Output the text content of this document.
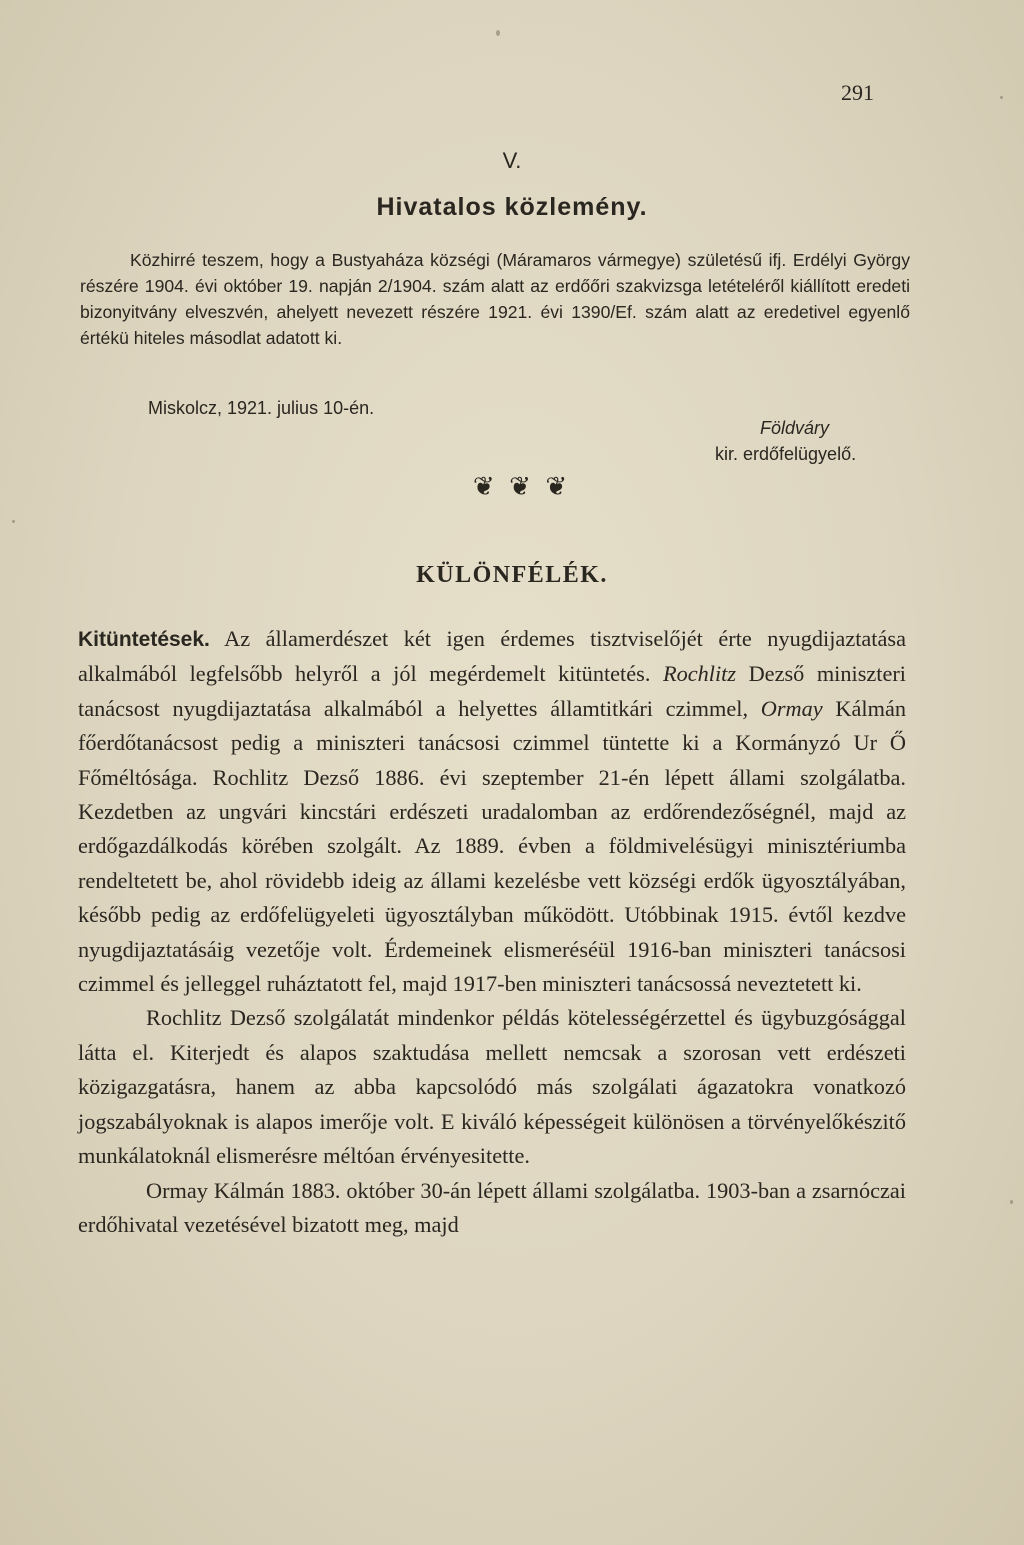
291
V.
Hivatalos közlemény.

Közhirré teszem, hogy a Bustyaháza községi (Máramaros vármegye) születésű ifj. Erdélyi György részére 1904. évi október 19. napján 2/1904. szám alatt az erdőőri szakvizsga letételéről kiállított eredeti bizonyitvány elveszvén, ahelyett nevezett részére 1921. évi 1390/Ef. szám alatt az eredetivel egyenlő értékü hiteles másodlat adatott ki.

Miskolcz, 1921. julius 10-én.
Földváry
kir. erdőfelügyelő.
❦ ❦ ❦
KÜLÖNFÉLÉK.

Kitüntetések. Az államerdészet két igen érdemes tisztviselőjét érte nyugdijaztatása alkalmából legfelsőbb helyről a jól megérdemelt kitüntetés. Rochlitz Dezső miniszteri tanácsost nyugdijaztatása alkalmából a helyettes államtitkári czimmel, Ormay Kálmán főerdőtanácsost pedig a miniszteri tanácsosi czimmel tüntette ki a Kormányzó Ur Ő Főméltósága. Rochlitz Dezső 1886. évi szeptember 21-én lépett állami szolgálatba. Kezdetben az ungvári kincstári erdészeti uradalomban az erdőrendezőségnél, majd az erdőgazdálkodás körében szolgált. Az 1889. évben a földmivelésügyi minisztériumba rendeltetett be, ahol rövidebb ideig az állami kezelésbe vett községi erdők ügyosztályában, később pedig az erdőfelügyeleti ügyosztályban működött. Utóbbinak 1915. évtől kezdve nyugdijaztatásáig vezetője volt. Érdemeinek elismeréséül 1916-ban miniszteri tanácsosi czimmel és jelleggel ruháztatott fel, majd 1917-ben miniszteri tanácsossá neveztetett ki.

Rochlitz Dezső szolgálatát mindenkor példás kötelességérzettel és ügybuzgósággal látta el. Kiterjedt és alapos szaktudása mellett nemcsak a szorosan vett erdészeti közigazgatásra, hanem az abba kapcsolódó más szolgálati ágazatokra vonatkozó jogszabályoknak is alapos imerője volt. E kiváló képességeit különösen a törvényelőkészitő munkálatoknál elismerésre méltóan érvényesitette.

Ormay Kálmán 1883. október 30-án lépett állami szolgálatba. 1903-ban a zsarnóczai erdőhivatal vezetésével bizatott meg, majd
